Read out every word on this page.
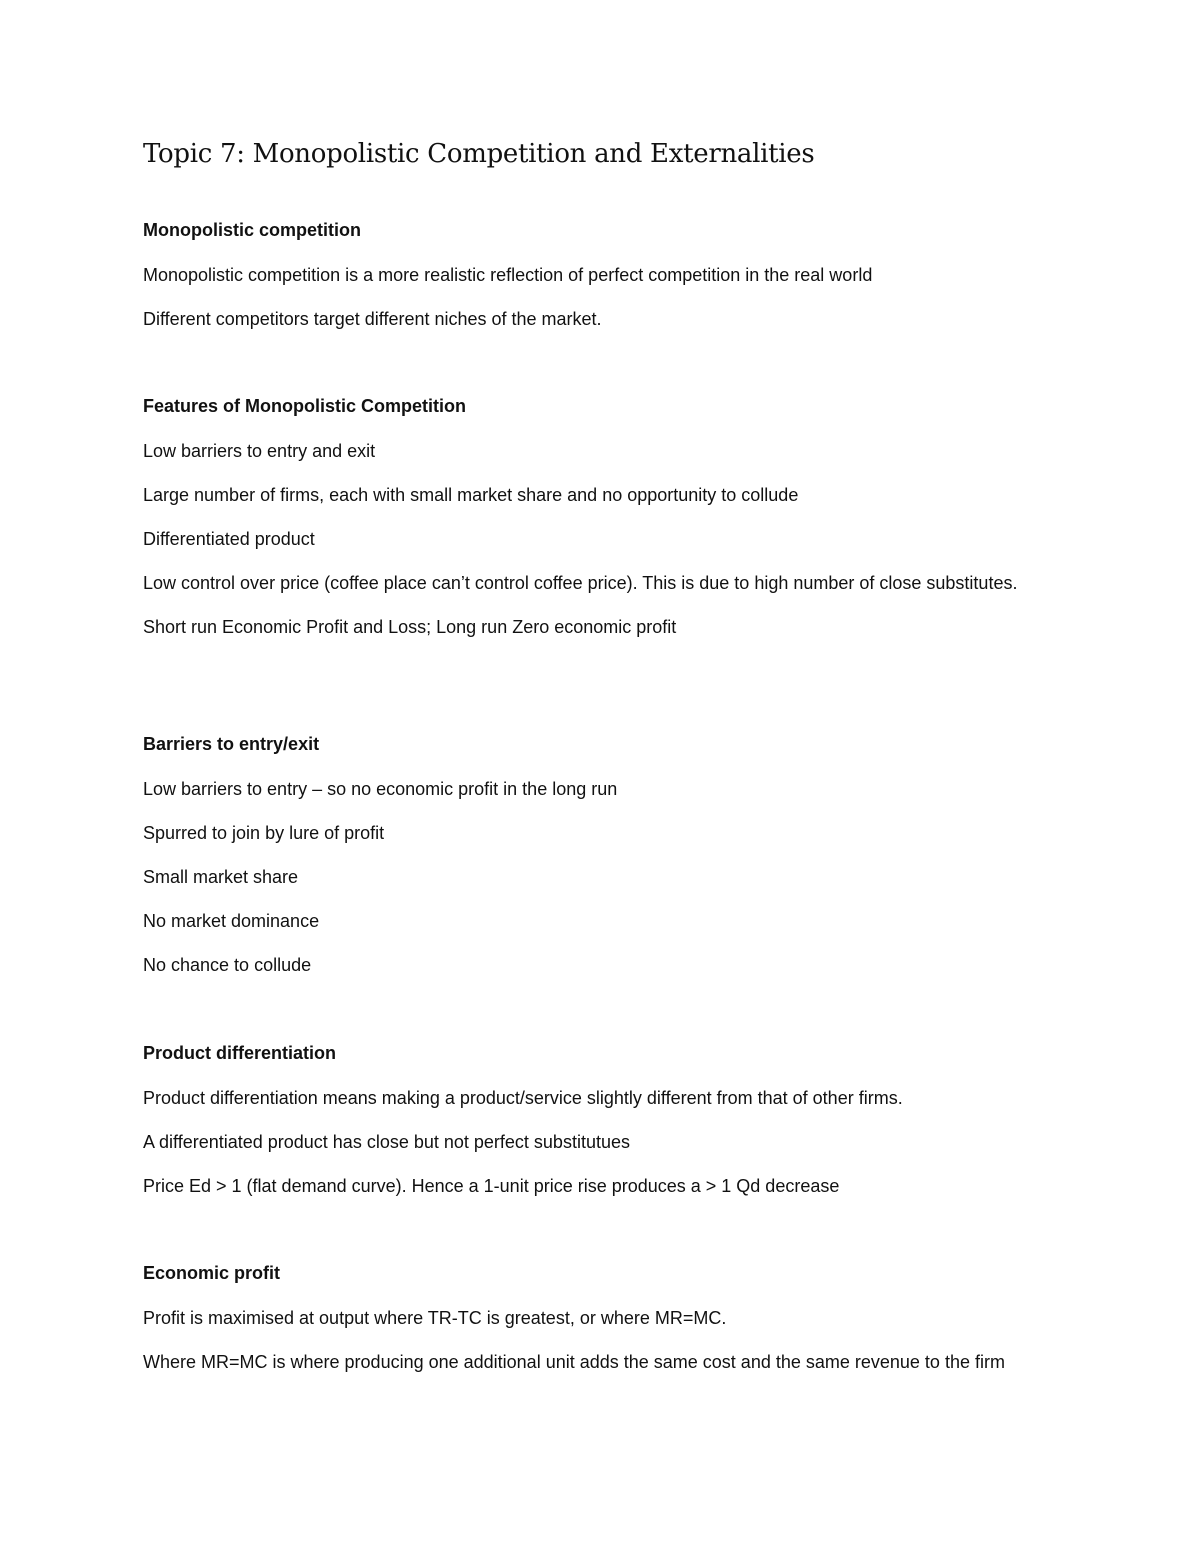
Topic 7: Monopolistic Competition and Externalities
Monopolistic competition
Monopolistic competition is a more realistic reflection of perfect competition in the real world
Different competitors target different niches of the market.
Features of Monopolistic Competition
Low barriers to entry and exit
Large number of firms, each with small market share and no opportunity to collude
Differentiated product
Low control over price (coffee place can’t control coffee price). This is due to high number of close substitutes.
Short run Economic Profit and Loss; Long run Zero economic profit
Barriers to entry/exit
Low barriers to entry – so no economic profit in the long run
Spurred to join by lure of profit
Small market share
No market dominance
No chance to collude
Product differentiation
Product differentiation means making a product/service slightly different from that of other firms.
A differentiated product has close but not perfect substitutues
Price Ed > 1 (flat demand curve). Hence a 1-unit price rise produces a > 1 Qd decrease
Economic profit
Profit is maximised at output where TR-TC is greatest, or where MR=MC.
Where MR=MC is where producing one additional unit adds the same cost and the same revenue to the firm
